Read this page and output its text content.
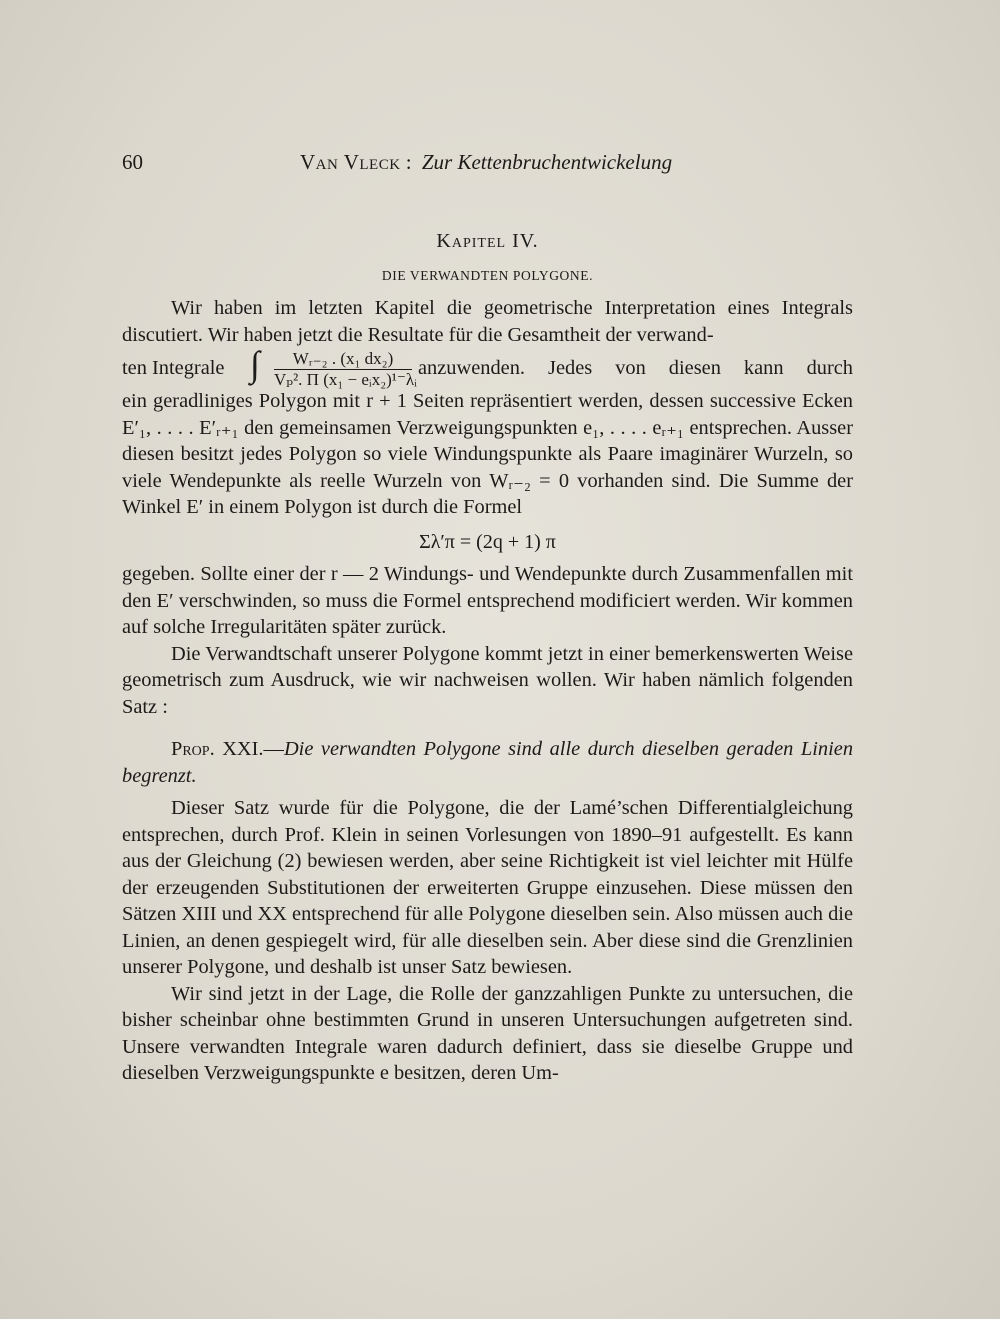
60	Van Vleck : Zur Kettenbruchentwickelung
Kapitel IV.
DIE VERWANDTEN POLYGONE.

Wir haben im letzten Kapitel die geometrische Interpretation eines Integrals discutiert. Wir haben jetzt die Resultate für die Gesamtheit der verwand-

ten Integrale ∫	Wᵣ₋₂ . (x₁ dx₂)
Vₚ². Π (x₁ − eᵢx₂)¹⁻λᵢ
anzuwenden. Jedes von diesen kann durch

ein geradliniges Polygon mit r + 1 Seiten repräsentiert werden, dessen successive Ecken E′₁, . . . . E′ᵣ₊₁ den gemeinsamen Verzweigungspunkten e₁, . . . . eᵣ₊₁ entsprechen. Ausser diesen besitzt jedes Polygon so viele Windungspunkte als Paare imaginärer Wurzeln, so viele Wendepunkte als reelle Wurzeln von Wᵣ₋₂ = 0 vorhanden sind. Die Summe der Winkel E′ in einem Polygon ist durch die Formel

Σλ′π = (2q + 1) π

gegeben. Sollte einer der r — 2 Windungs- und Wendepunkte durch Zusammenfallen mit den E′ verschwinden, so muss die Formel entsprechend modificiert werden. Wir kommen auf solche Irregularitäten später zurück.

Die Verwandtschaft unserer Polygone kommt jetzt in einer bemerkenswerten Weise geometrisch zum Ausdruck, wie wir nachweisen wollen. Wir haben nämlich folgenden Satz :

Prop. XXI.—Die verwandten Polygone sind alle durch dieselben geraden Linien begrenzt.

Dieser Satz wurde für die Polygone, die der Lamé’schen Differentialgleichung entsprechen, durch Prof. Klein in seinen Vorlesungen von 1890–91 aufgestellt. Es kann aus der Gleichung (2) bewiesen werden, aber seine Richtigkeit ist viel leichter mit Hülfe der erzeugenden Substitutionen der erweiterten Gruppe einzusehen. Diese müssen den Sätzen XIII und XX entsprechend für alle Polygone dieselben sein. Also müssen auch die Linien, an denen gespiegelt wird, für alle dieselben sein. Aber diese sind die Grenzlinien unserer Polygone, und deshalb ist unser Satz bewiesen.

Wir sind jetzt in der Lage, die Rolle der ganzzahligen Punkte zu untersuchen, die bisher scheinbar ohne bestimmten Grund in unseren Untersuchungen aufgetreten sind. Unsere verwandten Integrale waren dadurch definiert, dass sie dieselbe Gruppe und dieselben Verzweigungspunkte e besitzen, deren Um-
